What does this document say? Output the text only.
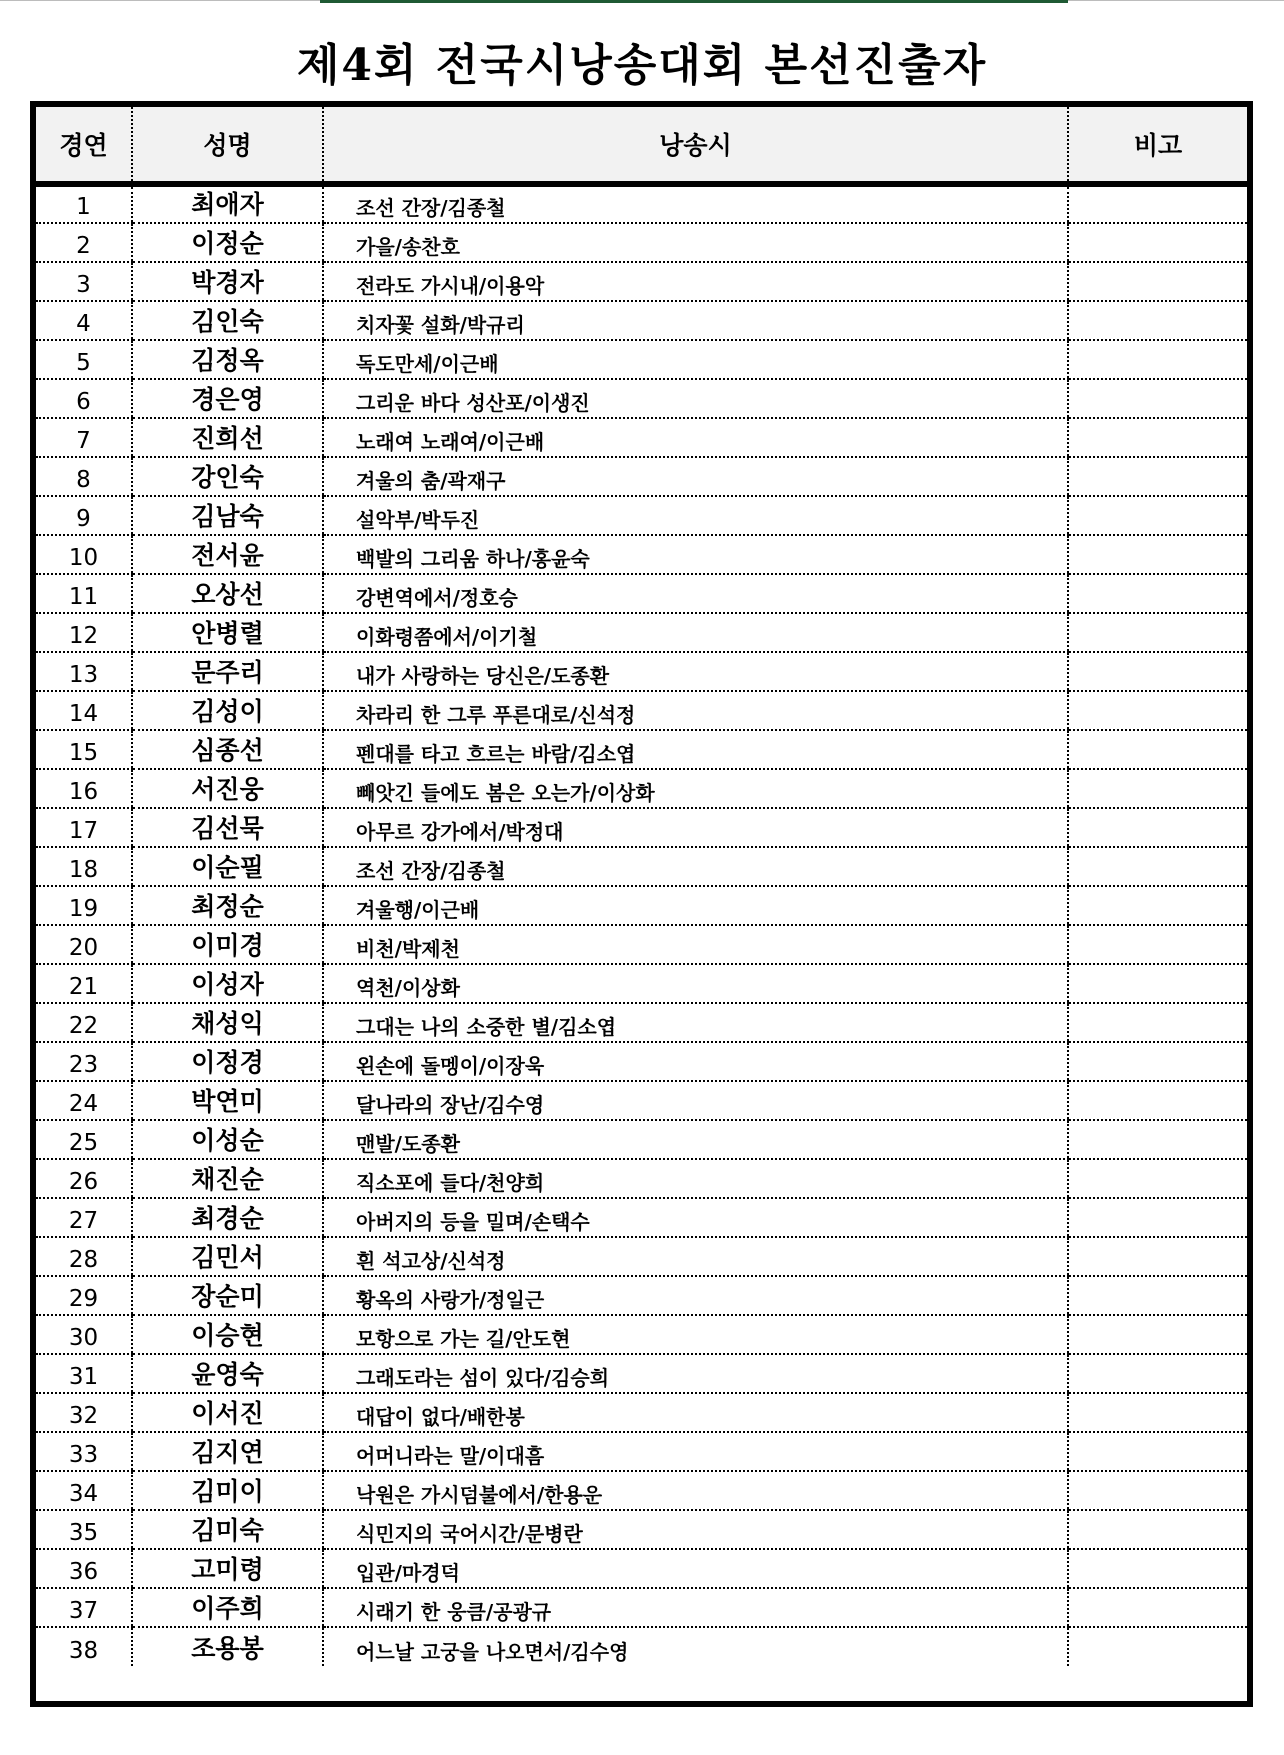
제4회 전국시낭송대회 본선진출자
경연	성명	낭송시	비고
1	최애자	조선 간장/김종철	
2	이정순	가을/송찬호	
3	박경자	전라도 가시내/이용악	
4	김인숙	치자꽃 설화/박규리	
5	김정옥	독도만세/이근배	
6	경은영	그리운 바다 성산포/이생진	
7	진희선	노래여 노래여/이근배	
8	강인숙	겨울의 춤/곽재구	
9	김남숙	설악부/박두진	
10	전서윤	백발의 그리움 하나/홍윤숙	
11	오상선	강변역에서/정호승	
12	안병렬	이화령쯤에서/이기철	
13	문주리	내가 사랑하는 당신은/도종환	
14	김성이	차라리 한 그루 푸른대로/신석정	
15	심종선	펜대를 타고 흐르는 바람/김소엽	
16	서진웅	빼앗긴 들에도 봄은 오는가/이상화	
17	김선묵	아무르 강가에서/박정대	
18	이순필	조선 간장/김종철	
19	최정순	겨울행/이근배	
20	이미경	비천/박제천	
21	이성자	역천/이상화	
22	채성익	그대는 나의 소중한 별/김소엽	
23	이정경	왼손에 돌멩이/이장욱	
24	박연미	달나라의 장난/김수영	
25	이성순	맨발/도종환	
26	채진순	직소포에 들다/천양희	
27	최경순	아버지의 등을 밀며/손택수	
28	김민서	흰 석고상/신석정	
29	장순미	황옥의 사랑가/정일근	
30	이승현	모항으로 가는 길/안도현	
31	윤영숙	그래도라는 섬이 있다/김승희	
32	이서진	대답이 없다/배한봉	
33	김지연	어머니라는 말/이대흠	
34	김미이	낙원은 가시덤불에서/한용운	
35	김미숙	식민지의 국어시간/문병란	
36	고미령	입관/마경덕	
37	이주희	시래기 한 웅큼/공광규	
38	조용봉	어느날 고궁을 나오면서/김수영	
